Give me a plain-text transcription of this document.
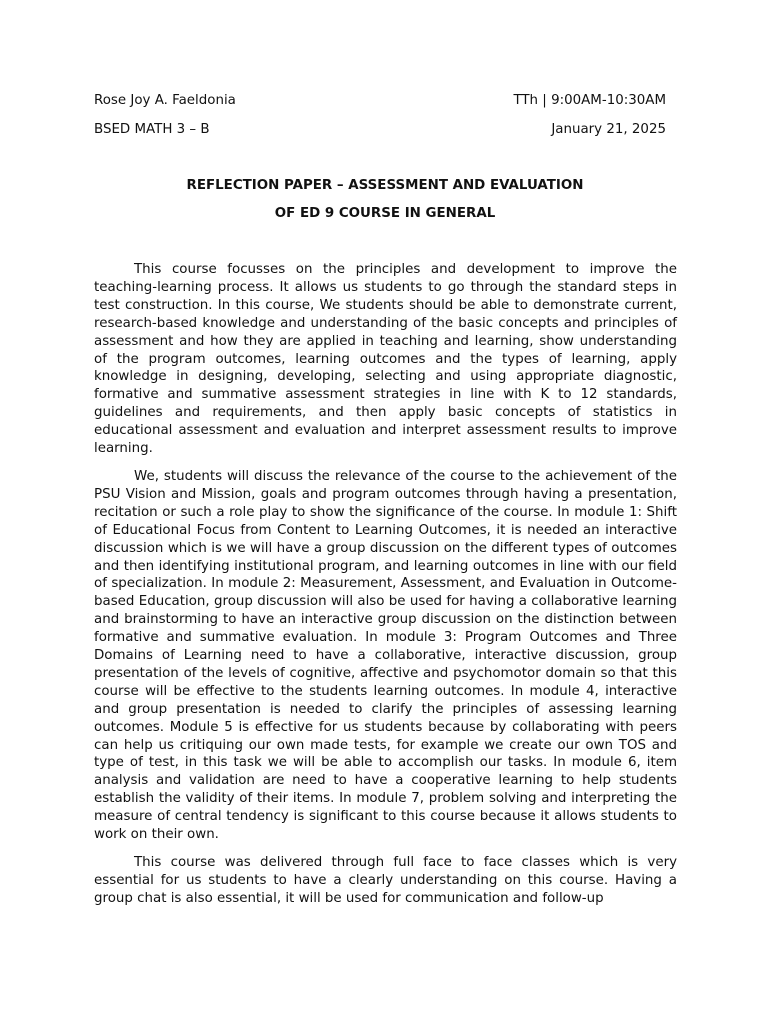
Rose Joy A. Faeldonia	TTh | 9:00AM-10:30AM
BSED MATH 3 – B	January 21, 2025
REFLECTION PAPER – ASSESSMENT AND EVALUATION
OF ED 9 COURSE IN GENERAL

This course focusses on the principles and development to improve the teaching-learning process. It allows us students to go through the standard steps in test construction. In this course, We students should be able to demonstrate current, research-based knowledge and understanding of the basic concepts and principles of assessment and how they are applied in teaching and learning, show understanding of the program outcomes, learning outcomes and the types of learning, apply knowledge in designing, developing, selecting and using appropriate diagnostic, formative and summative assessment strategies in line with K to 12 standards, guidelines and requirements, and then apply basic concepts of statistics in educational assessment and evaluation and interpret assessment results to improve learning.

We, students will discuss the relevance of the course to the achievement of the PSU Vision and Mission, goals and program outcomes through having a presentation, recitation or such a role play to show the significance of the course. In module 1: Shift of Educational Focus from Content to Learning Outcomes, it is needed an interactive discussion which is we will have a group discussion on the different types of outcomes and then identifying institutional program, and learning outcomes in line with our field of specialization. In module 2: Measurement, Assessment, and Evaluation in Outcome-based Education, group discussion will also be used for having a collaborative learning and brainstorming to have an interactive group discussion on the distinction between formative and summative evaluation. In module 3: Program Outcomes and Three Domains of Learning need to have a collaborative, interactive discussion, group presentation of the levels of cognitive, affective and psychomotor domain so that this course will be effective to the students learning outcomes. In module 4, interactive and group presentation is needed to clarify the principles of assessing learning outcomes. Module 5 is effective for us students because by collaborating with peers can help us critiquing our own made tests, for example we create our own TOS and type of test, in this task we will be able to accomplish our tasks. In module 6, item analysis and validation are need to have a cooperative learning to help students establish the validity of their items. In module 7, problem solving and interpreting the measure of central tendency is significant to this course because it allows students to work on their own.

This course was delivered through full face to face classes which is very essential for us students to have a clearly understanding on this course. Having a group chat is also essential, it will be used for communication and follow-up
